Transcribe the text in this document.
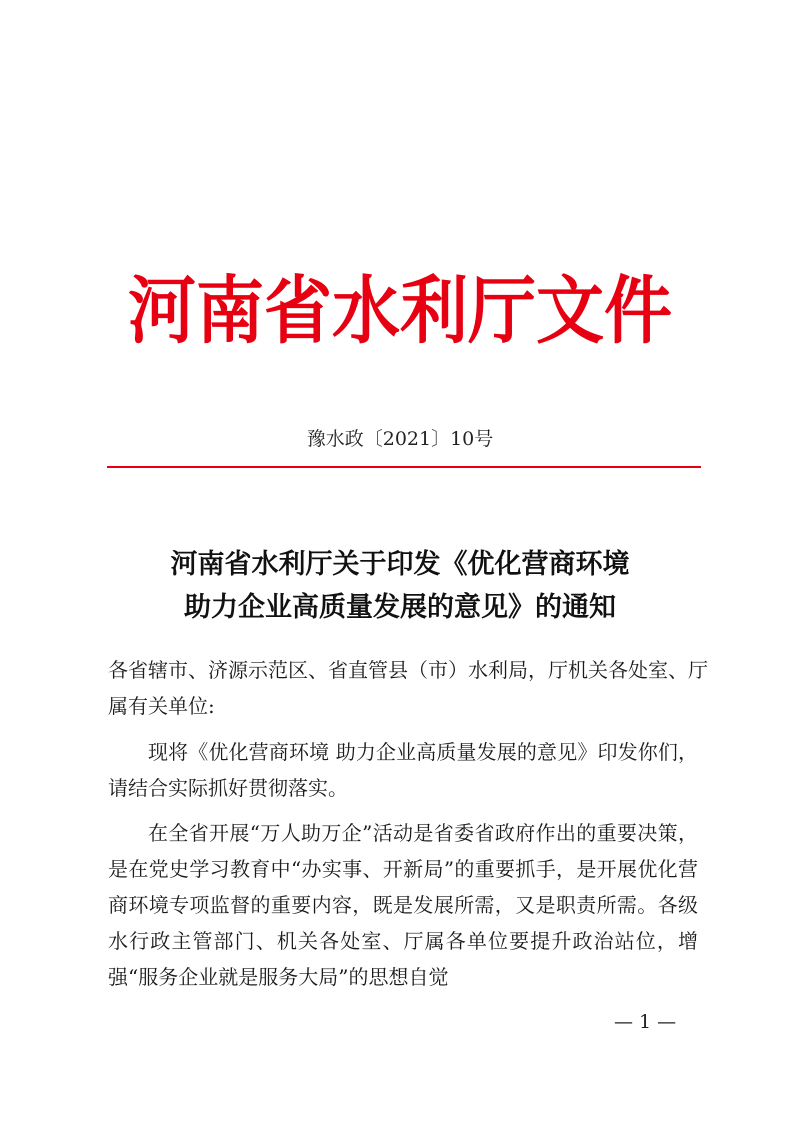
河南省水利厅文件
豫水政〔2021〕10号
河南省水利厅关于印发《优化营商环境
助力企业高质量发展的意见》的通知
各省辖市、济源示范区、省直管县（市）水利局，厅机关各处室、厅属有关单位:
现将《优化营商环境 助力企业高质量发展的意见》印发你们，请结合实际抓好贯彻落实。
在全省开展“万人助万企”活动是省委省政府作出的重要决策，是在党史学习教育中“办实事、开新局”的重要抓手，是开展优化营商环境专项监督的重要内容，既是发展所需，又是职责所需。各级水行政主管部门、机关各处室、厅属各单位要提升政治站位，增强“服务企业就是服务大局”的思想自觉
— 1 —
